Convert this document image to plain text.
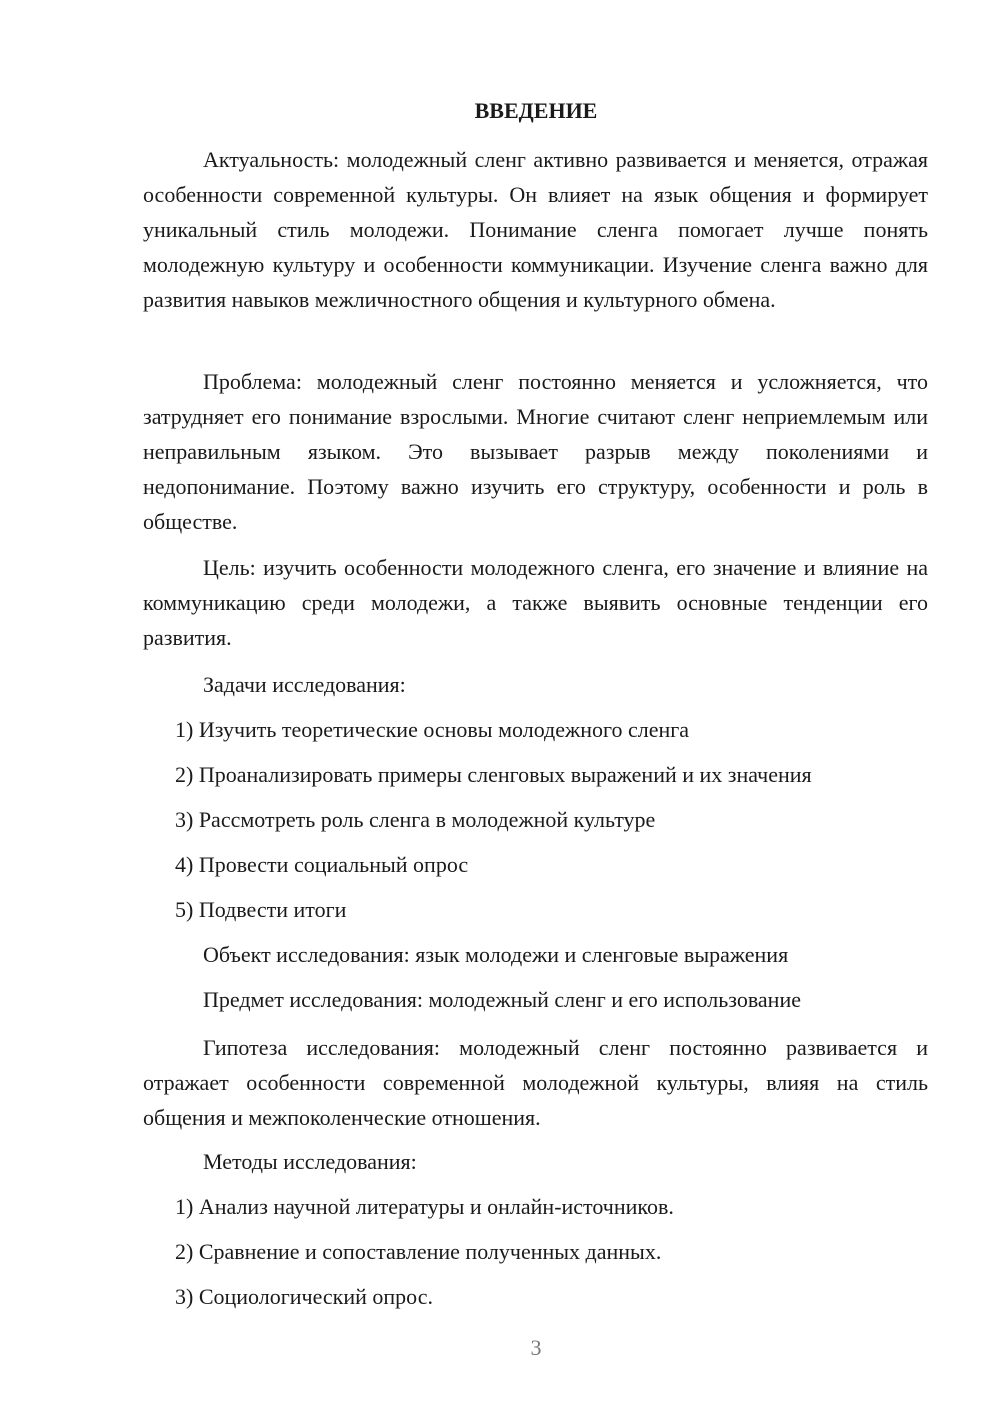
ВВЕДЕНИЕ

Актуальность: молодежный сленг активно развивается и меняется, отражая особенности современной культуры. Он влияет на язык общения и формирует уникальный стиль молодежи. Понимание сленга помогает лучше понять молодежную культуру и особенности коммуникации. Изучение сленга важно для развития навыков межличностного общения и культурного обмена.

Проблема: молодежный сленг постоянно меняется и усложняется, что затрудняет его понимание взрослыми. Многие считают сленг неприемлемым или неправильным языком. Это вызывает разрыв между поколениями и недопонимание. Поэтому важно изучить его структуру, особенности и роль в обществе.

Цель: изучить особенности молодежного сленга, его значение и влияние на коммуникацию среди молодежи, а также выявить основные тенденции его развития.

Задачи исследования:
1) Изучить теоретические основы молодежного сленга
2) Проанализировать примеры сленговых выражений и их значения
3) Рассмотреть роль сленга в молодежной культуре
4) Провести социальный опрос
5) Подвести итоги
Объект исследования: язык молодежи и сленговые выражения
Предмет исследования: молодежный сленг и его использование

Гипотеза исследования: молодежный сленг постоянно развивается и отражает особенности современной молодежной культуры, влияя на стиль общения и межпоколенческие отношения.

Методы исследования:
1) Анализ научной литературы и онлайн-источников.
2) Сравнение и сопоставление полученных данных.
3) Социологический опрос.
3
